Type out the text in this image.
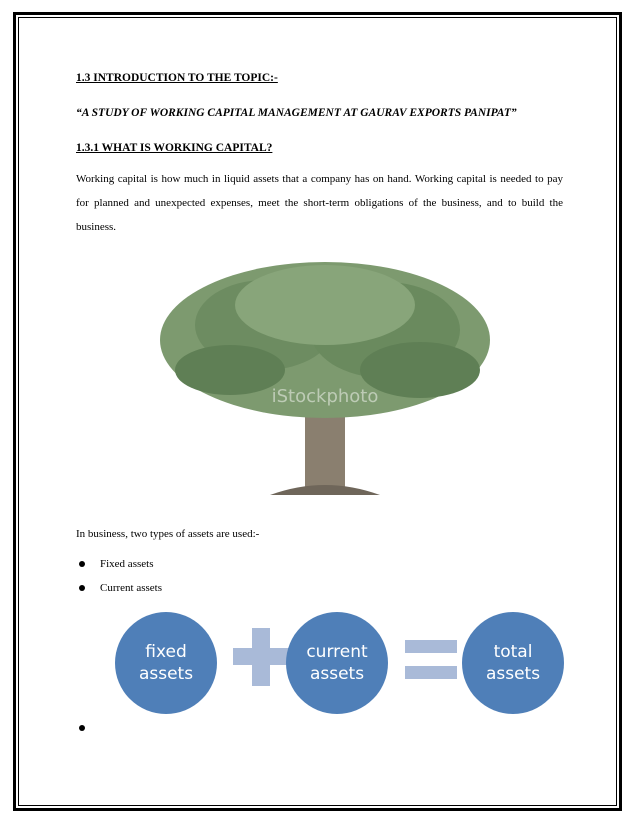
1.3 INTRODUCTION TO THE TOPIC:-
“A STUDY OF WORKING CAPITAL MANAGEMENT AT GAURAV EXPORTS PANIPAT”
1.3.1 WHAT IS WORKING CAPITAL?
Working capital is how much in liquid assets that a company has on hand. Working capital is needed to pay for planned and unexpected expenses, meet the short-term obligations of the business, and to build the business.
iStockphoto
In business, two types of assets are used:-
Fixed assets
Current assets
fixed assets
current assets
total assets
